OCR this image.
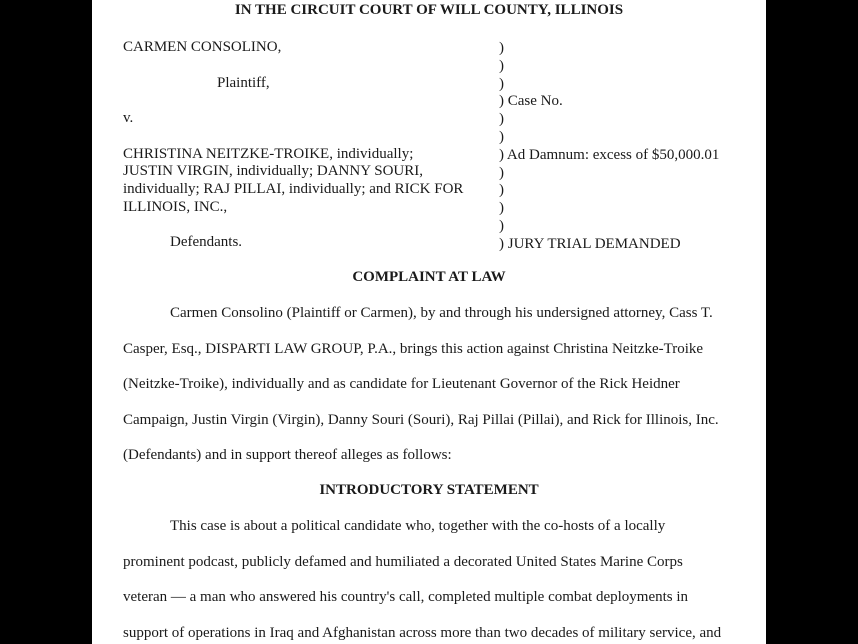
IN THE CIRCUIT COURT OF WILL COUNTY, ILLINOIS
CARMEN CONSOLINO,
Plaintiff,
v.
CHRISTINA NEITZKE-TROIKE, individually;
JUSTIN VIRGIN, individually; DANNY SOURI,
individually; RAJ PILLAI, individually; and RICK FOR
ILLINOIS, INC.,
Defendants.
)
)
)
) Case No.
)
)
) Ad Damnum: excess of $50,000.01
)
)
)
)
) JURY TRIAL DEMANDED
COMPLAINT AT LAW
Carmen Consolino (Plaintiff or Carmen), by and through his undersigned attorney, Cass T.
Casper, Esq., DISPARTI LAW GROUP, P.A., brings this action against Christina Neitzke-Troike
(Neitzke-Troike), individually and as candidate for Lieutenant Governor of the Rick Heidner
Campaign, Justin Virgin (Virgin), Danny Souri (Souri), Raj Pillai (Pillai), and Rick for Illinois, Inc.
(Defendants) and in support thereof alleges as follows:
INTRODUCTORY STATEMENT
This case is about a political candidate who, together with the co-hosts of a locally
prominent podcast, publicly defamed and humiliated a decorated United States Marine Corps
veteran — a man who answered his country's call, completed multiple combat deployments in
support of operations in Iraq and Afghanistan across more than two decades of military service, and
